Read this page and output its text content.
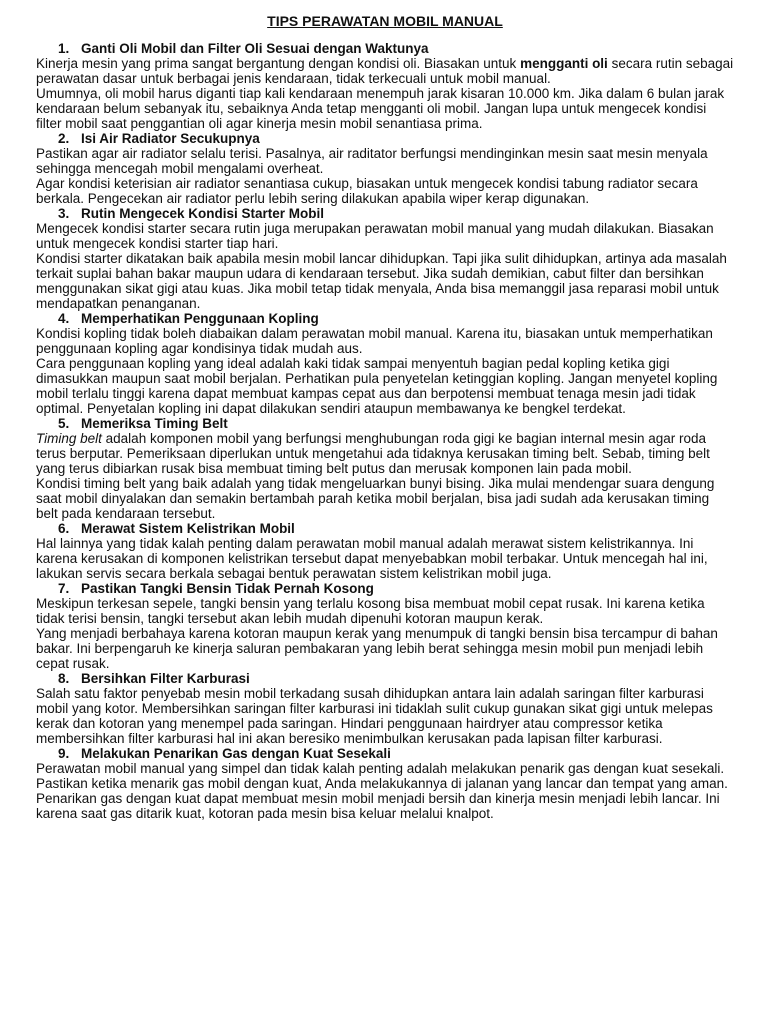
TIPS PERAWATAN MOBIL MANUAL
1. Ganti Oli Mobil dan Filter Oli Sesuai dengan Waktunya

Kinerja mesin yang prima sangat bergantung dengan kondisi oli. Biasakan untuk mengganti oli secara rutin sebagai perawatan dasar untuk berbagai jenis kendaraan, tidak terkecuali untuk mobil manual.

Umumnya, oli mobil harus diganti tiap kali kendaraan menempuh jarak kisaran 10.000 km. Jika dalam 6 bulan jarak kendaraan belum sebanyak itu, sebaiknya Anda tetap mengganti oli mobil. Jangan lupa untuk mengecek kondisi filter mobil saat penggantian oli agar kinerja mesin mobil senantiasa prima.

2. Isi Air Radiator Secukupnya

Pastikan agar air radiator selalu terisi. Pasalnya, air raditator berfungsi mendinginkan mesin saat mesin menyala sehingga mencegah mobil mengalami overheat.

Agar kondisi keterisian air radiator senantiasa cukup, biasakan untuk mengecek kondisi tabung radiator secara berkala. Pengecekan air radiator perlu lebih sering dilakukan apabila wiper kerap digunakan.

3. Rutin Mengecek Kondisi Starter Mobil

Mengecek kondisi starter secara rutin juga merupakan perawatan mobil manual yang mudah dilakukan. Biasakan untuk mengecek kondisi starter tiap hari.

Kondisi starter dikatakan baik apabila mesin mobil lancar dihidupkan. Tapi jika sulit dihidupkan, artinya ada masalah terkait suplai bahan bakar maupun udara di kendaraan tersebut. Jika sudah demikian, cabut filter dan bersihkan menggunakan sikat gigi atau kuas. Jika mobil tetap tidak menyala, Anda bisa memanggil jasa reparasi mobil untuk mendapatkan penanganan.

4. Memperhatikan Penggunaan Kopling

Kondisi kopling tidak boleh diabaikan dalam perawatan mobil manual. Karena itu, biasakan untuk memperhatikan penggunaan kopling agar kondisinya tidak mudah aus.

Cara penggunaan kopling yang ideal adalah kaki tidak sampai menyentuh bagian pedal kopling ketika gigi dimasukkan maupun saat mobil berjalan. Perhatikan pula penyetelan ketinggian kopling. Jangan menyetel kopling mobil terlalu tinggi karena dapat membuat kampas cepat aus dan berpotensi membuat tenaga mesin jadi tidak optimal. Penyetalan kopling ini dapat dilakukan sendiri ataupun membawanya ke bengkel terdekat.

5. Memeriksa Timing Belt

Timing belt adalah komponen mobil yang berfungsi menghubungan roda gigi ke bagian internal mesin agar roda terus berputar. Pemeriksaan diperlukan untuk mengetahui ada tidaknya kerusakan timing belt. Sebab, timing belt yang terus dibiarkan rusak bisa membuat timing belt putus dan merusak komponen lain pada mobil.

Kondisi timing belt yang baik adalah yang tidak mengeluarkan bunyi bising. Jika mulai mendengar suara dengung saat mobil dinyalakan dan semakin bertambah parah ketika mobil berjalan, bisa jadi sudah ada kerusakan timing belt pada kendaraan tersebut.

6. Merawat Sistem Kelistrikan Mobil

Hal lainnya yang tidak kalah penting dalam perawatan mobil manual adalah merawat sistem kelistrikannya. Ini karena kerusakan di komponen kelistrikan tersebut dapat menyebabkan mobil terbakar. Untuk mencegah hal ini, lakukan servis secara berkala sebagai bentuk perawatan sistem kelistrikan mobil juga.

7. Pastikan Tangki Bensin Tidak Pernah Kosong

Meskipun terkesan sepele, tangki bensin yang terlalu kosong bisa membuat mobil cepat rusak. Ini karena ketika tidak terisi bensin, tangki tersebut akan lebih mudah dipenuhi kotoran maupun kerak.

Yang menjadi berbahaya karena kotoran maupun kerak yang menumpuk di tangki bensin bisa tercampur di bahan bakar. Ini berpengaruh ke kinerja saluran pembakaran yang lebih berat sehingga mesin mobil pun menjadi lebih cepat rusak.

8. Bersihkan Filter Karburasi

Salah satu faktor penyebab mesin mobil terkadang susah dihidupkan antara lain adalah saringan filter karburasi mobil yang kotor. Membersihkan saringan filter karburasi ini tidaklah sulit cukup gunakan sikat gigi untuk melepas kerak dan kotoran yang menempel pada saringan. Hindari penggunaan hairdryer atau compressor ketika membersihkan filter karburasi hal ini akan beresiko menimbulkan kerusakan pada lapisan filter karburasi.

9. Melakukan Penarikan Gas dengan Kuat Sesekali

Perawatan mobil manual yang simpel dan tidak kalah penting adalah melakukan penarik gas dengan kuat sesekali. Pastikan ketika menarik gas mobil dengan kuat, Anda melakukannya di jalanan yang lancar dan tempat yang aman.

Penarikan gas dengan kuat dapat membuat mesin mobil menjadi bersih dan kinerja mesin menjadi lebih lancar. Ini karena saat gas ditarik kuat, kotoran pada mesin bisa keluar melalui knalpot.
